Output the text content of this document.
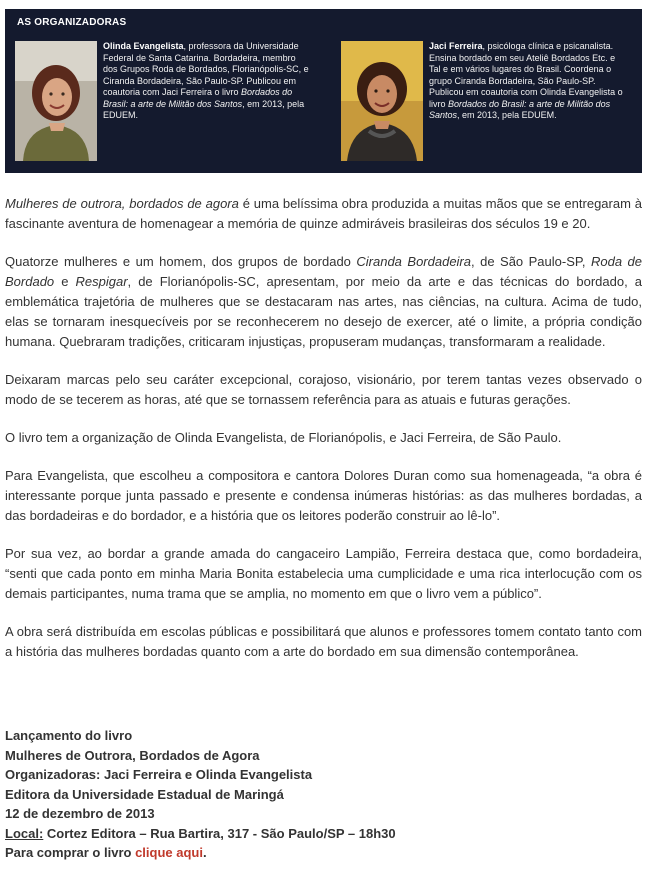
AS ORGANIZADORAS
Olinda Evangelista, professora da Universidade
Federal de Santa Catarina. Bordadeira, membro
dos Grupos Roda de Bordados, Florianópolis-SC, e
Ciranda Bordadeira, São Paulo-SP. Publicou em
coautoria com Jaci Ferreira o livro Bordados do
Brasil: a arte de Militão dos Santos, em 2013, pela
EDUEM.
Jaci Ferreira, psicóloga clínica e psicanalista.
Ensina bordado em seu Ateliê Bordados Etc. e
Tal e em vários lugares do Brasil. Coordena o
grupo Ciranda Bordadeira, São Paulo-SP.
Publicou em coautoria com Olinda Evangelista o
livro Bordados do Brasil: a arte de Militão dos
Santos, em 2013, pela EDUEM.

Mulheres de outrora, bordados de agora é uma belíssima obra produzida a muitas mãos que se entregaram à fascinante aventura de homenagear a memória de quinze admiráveis brasileiras dos séculos 19 e 20.

Quatorze mulheres e um homem, dos grupos de bordado Ciranda Bordadeira, de São Paulo-SP, Roda de Bordado e Respigar, de Florianópolis-SC, apresentam, por meio da arte e das técnicas do bordado, a emblemática trajetória de mulheres que se destacaram nas artes, nas ciências, na cultura. Acima de tudo, elas se tornaram inesquecíveis por se reconhecerem no desejo de exercer, até o limite, a própria condição humana. Quebraram tradições, criticaram injustiças, propuseram mudanças, transformaram a realidade.

Deixaram marcas pelo seu caráter excepcional, corajoso, visionário, por terem tantas vezes observado o modo de se tecerem as horas, até que se tornassem referência para as atuais e futuras gerações.

O livro tem a organização de Olinda Evangelista, de Florianópolis, e Jaci Ferreira, de São Paulo.

Para Evangelista, que escolheu a compositora e cantora Dolores Duran como sua homenageada, “a obra é interessante porque junta passado e presente e condensa inúmeras histórias: as das mulheres bordadas, a das bordadeiras e do bordador, e a história que os leitores poderão construir ao lê-lo”.

Por sua vez, ao bordar a grande amada do cangaceiro Lampião, Ferreira destaca que, como bordadeira, “senti que cada ponto em minha Maria Bonita estabelecia uma cumplicidade e uma rica interlocução com os demais participantes, numa trama que se amplia, no momento em que o livro vem a público”.

A obra será distribuída em escolas públicas e possibilitará que alunos e professores tomem contato tanto com a história das mulheres bordadas quanto com a arte do bordado em sua dimensão contemporânea.

Lançamento do livro
Mulheres de Outrora, Bordados de Agora
Organizadoras: Jaci Ferreira e Olinda Evangelista
Editora da Universidade Estadual de Maringá
12 de dezembro de 2013
Local: Cortez Editora – Rua Bartira, 317 - São Paulo/SP – 18h30
Para comprar o livro clique aqui.
